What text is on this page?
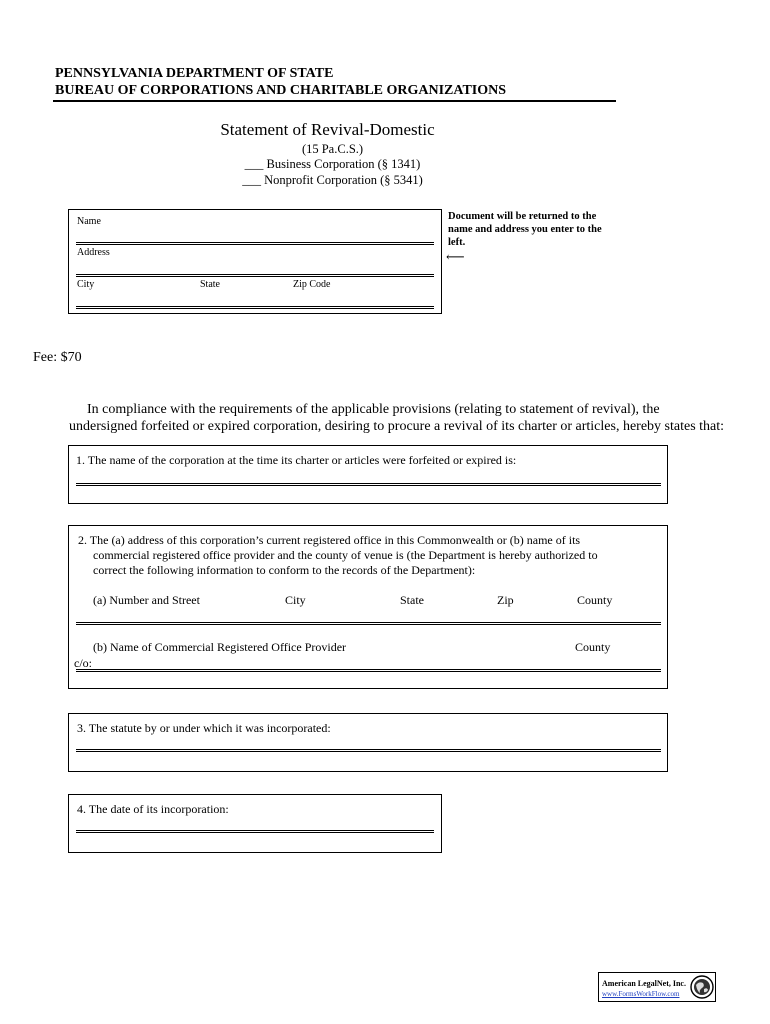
PENNSYLVANIA DEPARTMENT OF STATE
BUREAU OF CORPORATIONS AND CHARITABLE ORGANIZATIONS
Statement of Revival-Domestic
(15 Pa.C.S.)
___ Business Corporation (§ 1341)
___ Nonprofit Corporation (§ 5341)
Name
Address
City	State	Zip Code
Document will be returned to the name and address you enter to the left.
⟵
Fee: $70
In compliance with the requirements of the applicable provisions (relating to statement of revival), the
undersigned forfeited or expired corporation, desiring to procure a revival of its charter or articles, hereby states that:
1. The name of the corporation at the time its charter or articles were forfeited or expired is:
2. The (a) address of this corporation’s current registered office in this Commonwealth or (b) name of its
commercial registered office provider and the county of venue is (the Department is hereby authorized to
correct the following information to conform to the records of the Department):
(a) Number and Street	City	State	Zip	County
(b) Name of Commercial Registered Office Provider	County
c/o:
3. The statute by or under which it was incorporated:
4. The date of its incorporation:
American LegalNet, Inc.
www.FormsWorkFlow.com
